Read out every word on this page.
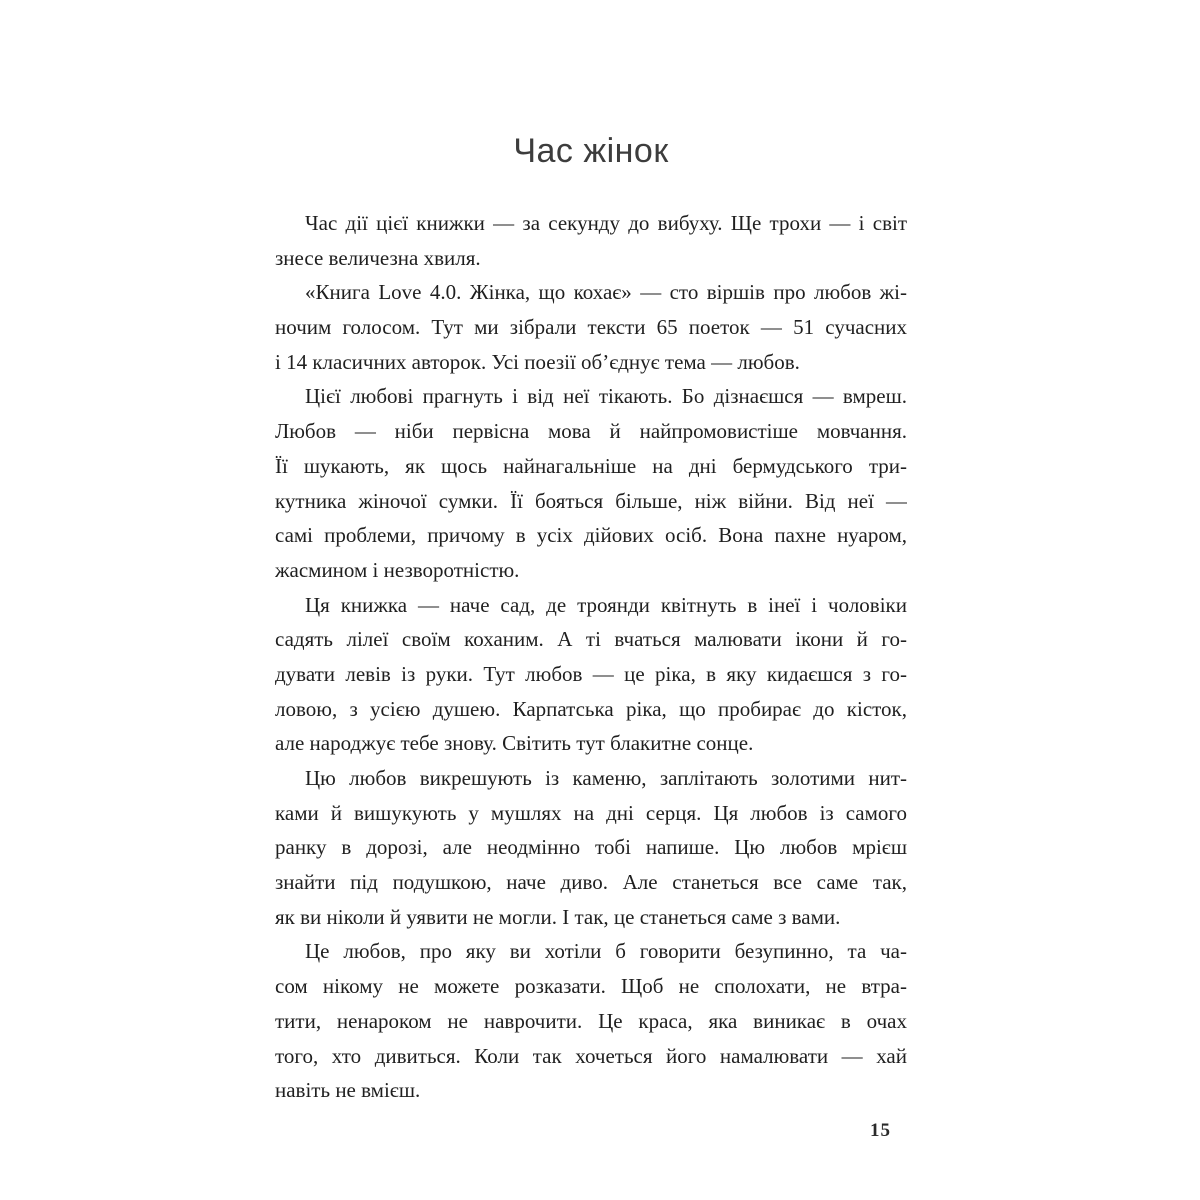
Час жінок
Час дії цієї книжки — за секунду до вибуху. Ще трохи — і світ
знесе величезна хвиля.
«Книга Love 4.0. Жінка, що кохає» — сто віршів про любов жі-
ночим голосом. Тут ми зібрали тексти 65 поеток — 51 сучасних
і 14 класичних авторок. Усі поезії об’єднує тема — любов.
Цієї любові прагнуть і від неї тікають. Бо дізнаєшся — вмреш.
Любов — ніби первісна мова й найпромовистіше мовчання.
Її шукають, як щось найнагальніше на дні бермудського три-
кутника жіночої сумки. Її бояться більше, ніж війни. Від неї —
самі проблеми, причому в усіх дійових осіб. Вона пахне нуаром,
жасмином і незворотністю.
Ця книжка — наче сад, де троянди квітнуть в інеї і чоловіки
садять лілеї своїм коханим. А ті вчаться малювати ікони й го-
дувати левів із руки. Тут любов — це ріка, в яку кидаєшся з го-
ловою, з усією душею. Карпатська ріка, що пробирає до кісток,
але народжує тебе знову. Світить тут блакитне сонце.
Цю любов викрешують із каменю, заплітають золотими нит-
ками й вишукують у мушлях на дні серця. Ця любов із самого
ранку в дорозі, але неодмінно тобі напише. Цю любов мрієш
знайти під подушкою, наче диво. Але станеться все саме так,
як ви ніколи й уявити не могли. І так, це станеться саме з вами.
Це любов, про яку ви хотіли б говорити безупинно, та ча-
сом нікому не можете розказати. Щоб не сполохати, не втра-
тити, ненароком не наврочити. Це краса, яка виникає в очах
того, хто дивиться. Коли так хочеться його намалювати — хай
навіть не вмієш.
15
